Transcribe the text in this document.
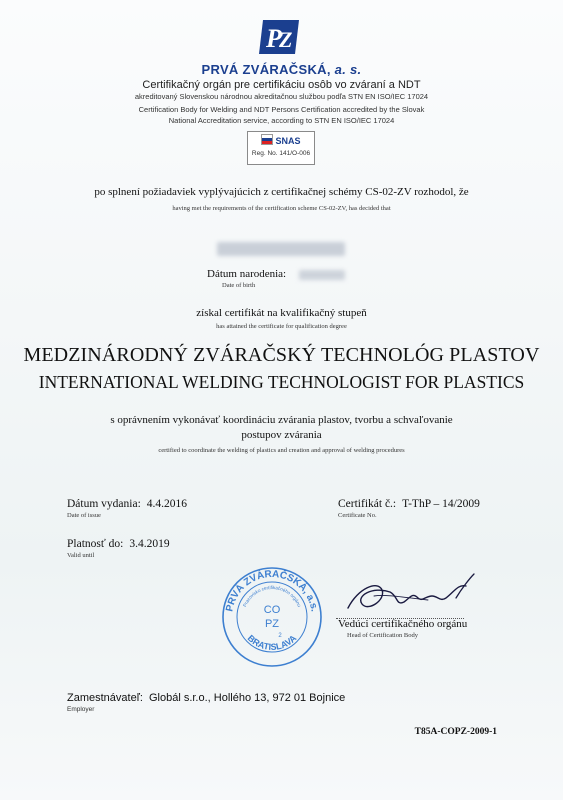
P
Z
PRVÁ ZVÁRAČSKÁ, a. s.
Certifikačný orgán pre certifikáciu osôb vo zváraní a NDT
akreditovaný Slovenskou národnou akreditačnou službou podľa STN EN ISO/IEC 17024
Certification Body for Welding and NDT Persons Certification accredited by the Slovak
National Accreditation service, according to STN EN ISO/IEC 17024
SNAS
Reg. No. 141/O-006
po splnení požiadaviek vyplývajúcich z certifikačnej schémy CS-02-ZV rozhodol, že
having met the requirements of the certification scheme CS-02-ZV, has decided that
Dátum narodenia:
Date of birth
získal certifikát na kvalifikačný stupeň
has attained the certificate for qualification degree
MEDZINÁRODNÝ ZVÁRAČSKÝ TECHNOLÓG PLASTOV
INTERNATIONAL WELDING TECHNOLOGIST FOR PLASTICS
s oprávnením vykonávať koordináciu zvárania plastov, tvorbu a schvaľovanie
postupov zvárania
certified to coordinate the welding of plastics and creation and approval of welding procedures
Dátum vydania: 4.4.2016
Date of issue
Certifikát č.: T-ThP – 14/2009
Certificate No.
Platnosť do: 3.4.2019
Valid until
PRVÁ ZVÁRAČSKÁ, a.s.
Pracovisko certifikačného orgánu
CO
PZ
2
BRATISLAVA
Vedúci certifikačného orgánu
Head of Certification Body
Zamestnávateľ: Globál s.r.o., Hollého 13, 972 01 Bojnice
Employer
T85A-COPZ-2009-1
